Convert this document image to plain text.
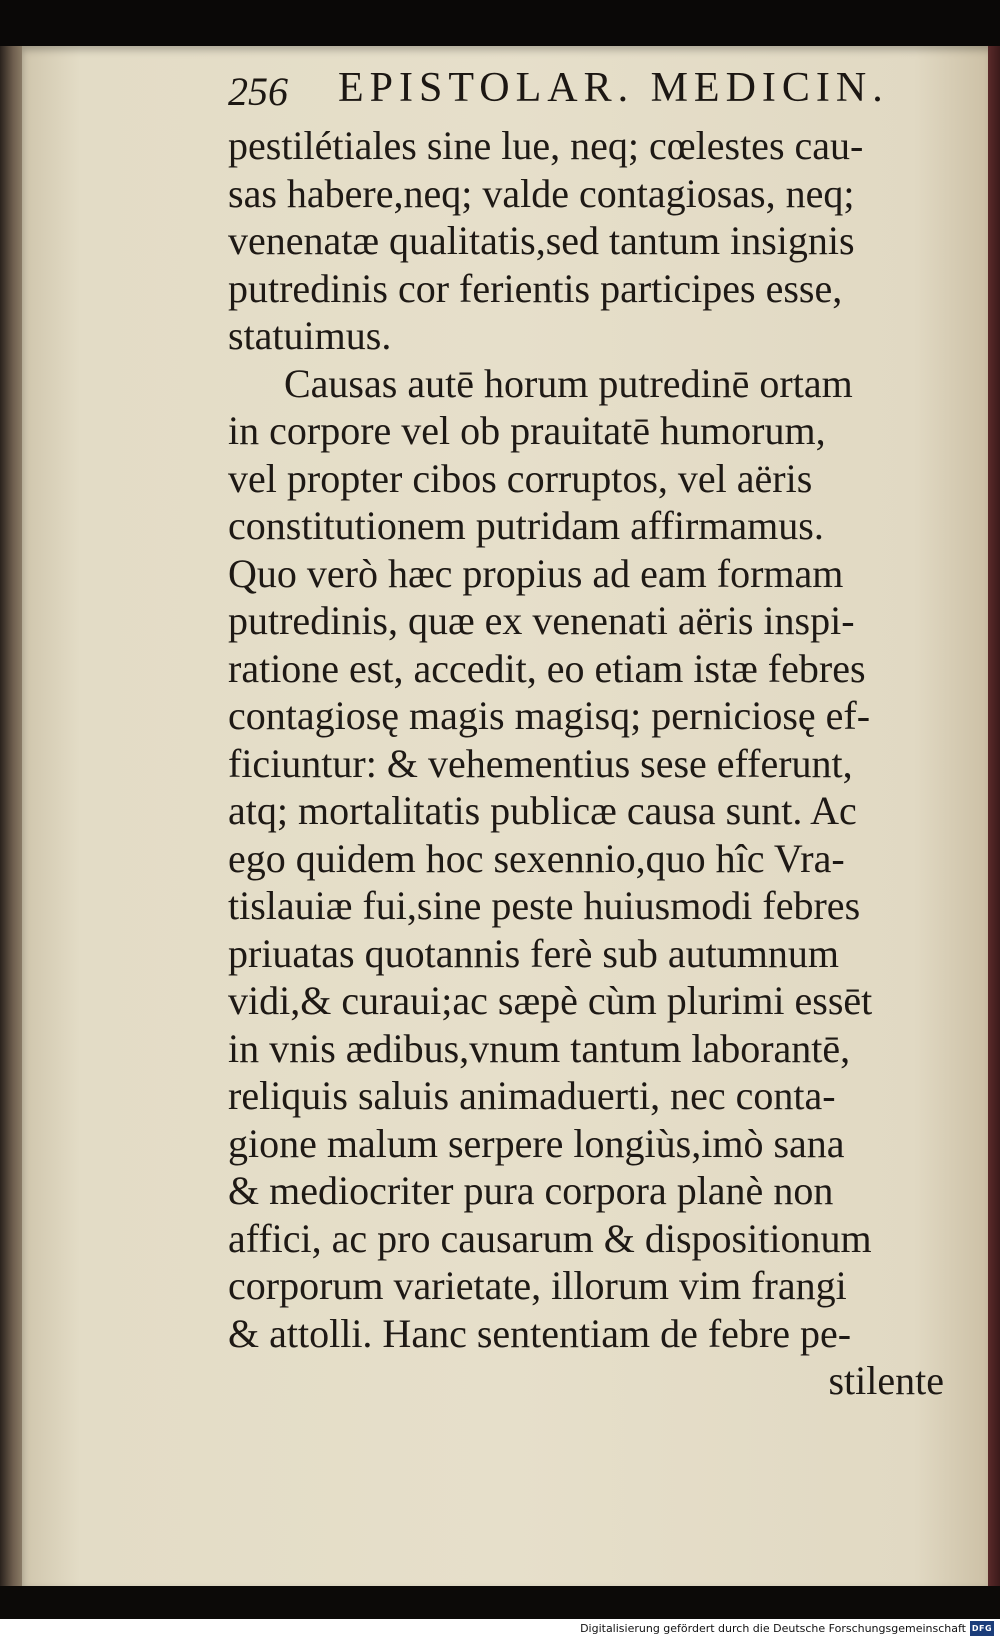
256 EPISTOLAR. MEDICIN.
pestilétiales sine lue, neq; cœlestes cau-
sas habere,neq; valde contagiosas, neq;
venenatæ qualitatis,sed tantum insignis
putredinis cor ferientis participes esse,
statuimus.
Causas autē horum putredinē ortam
in corpore vel ob prauitatē humorum,
vel propter cibos corruptos, vel aëris
constitutionem putridam affirmamus.
Quo verò hæc propius ad eam formam
putredinis, quæ ex venenati aëris inspi-
ratione est, accedit, eo etiam istæ febres
contagiosę magis magisq; perniciosę ef-
ficiuntur: & vehementius sese efferunt,
atq; mortalitatis publicæ causa sunt. Ac
ego quidem hoc sexennio,quo hîc Vra-
tislauiæ fui,sine peste huiusmodi febres
priuatas quotannis ferè sub autumnum
vidi,& curaui;ac sæpè cùm plurimi essēt
in vnis ædibus,vnum tantum laborantē,
reliquis saluis animaduerti, nec conta-
gione malum serpere longiùs,imò sana
& mediocriter pura corpora planè non
affici, ac pro causarum & dispositionum
corporum varietate, illorum vim frangi
& attolli. Hanc sententiam de febre pe-
stilente
Digitalisierung gefördert durch die Deutsche Forschungsgemeinschaft DFG
